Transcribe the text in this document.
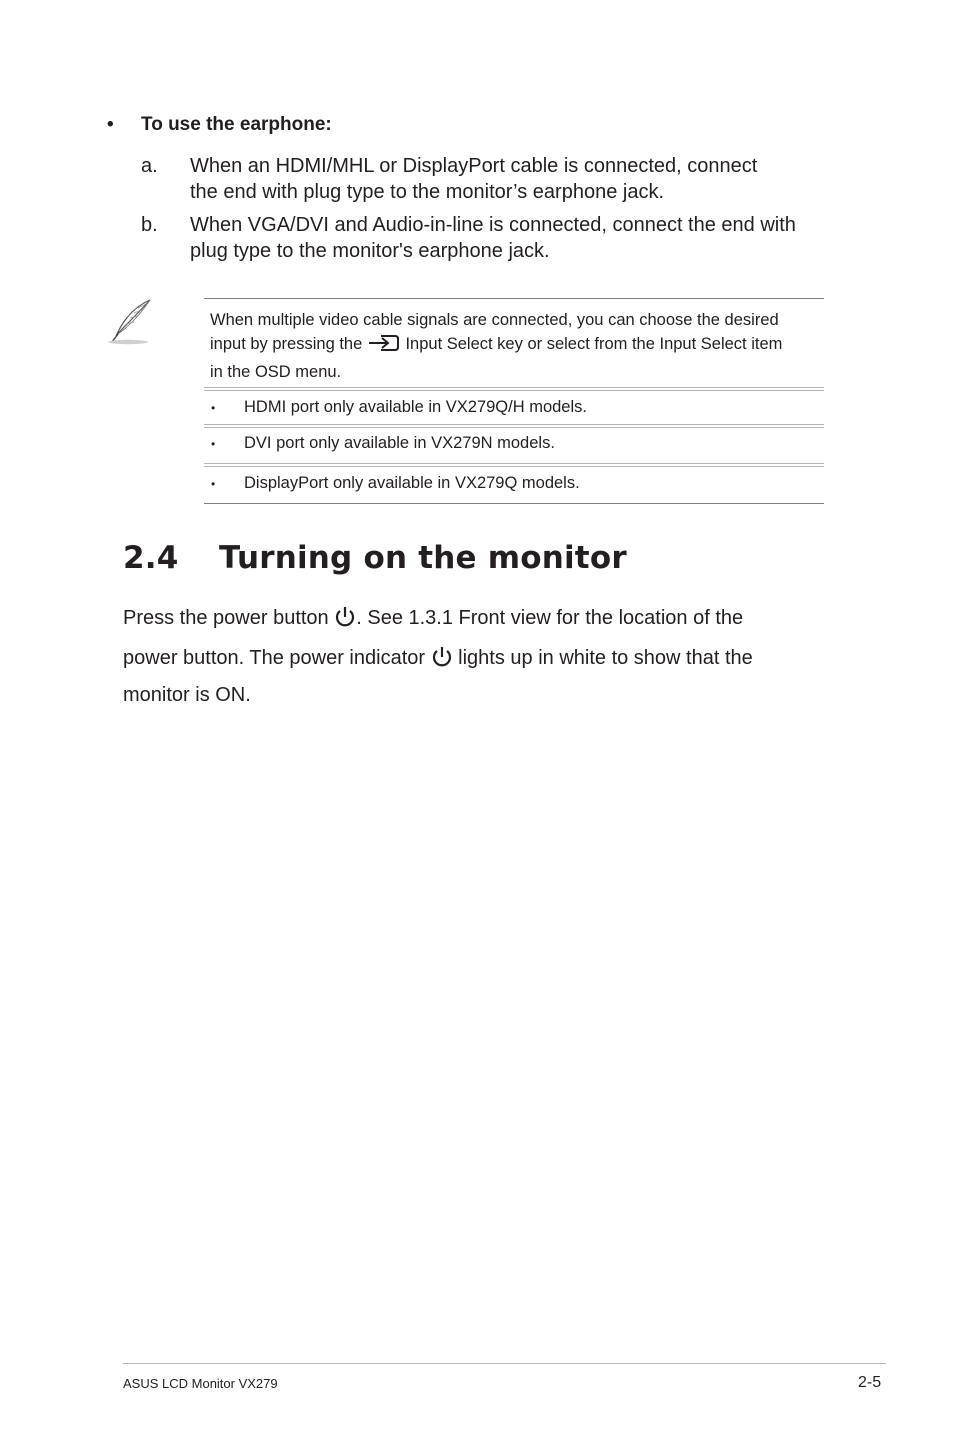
• To use the earphone:
a. When an HDMI/MHL or DisplayPort cable is connected, connect
the end with plug type to the monitor’s earphone jack.
b. When VGA/DVI and Audio-in-line is connected, connect the end with
plug type to the monitor's earphone jack.
When multiple video cable signals are connected, you can choose the desired
input by pressing the	Input Select key or select from the Input Select item
in the OSD menu.
• HDMI port only available in VX279Q/H models.
• DVI port only available in VX279N models.
• DisplayPort only available in VX279Q models.
2.4 Turning on the monitor
Press the power button . See 1.3.1 Front view for the location of the
power button. The power indicator lights up in white to show that the
monitor is ON.
ASUS LCD Monitor VX279	2-5
